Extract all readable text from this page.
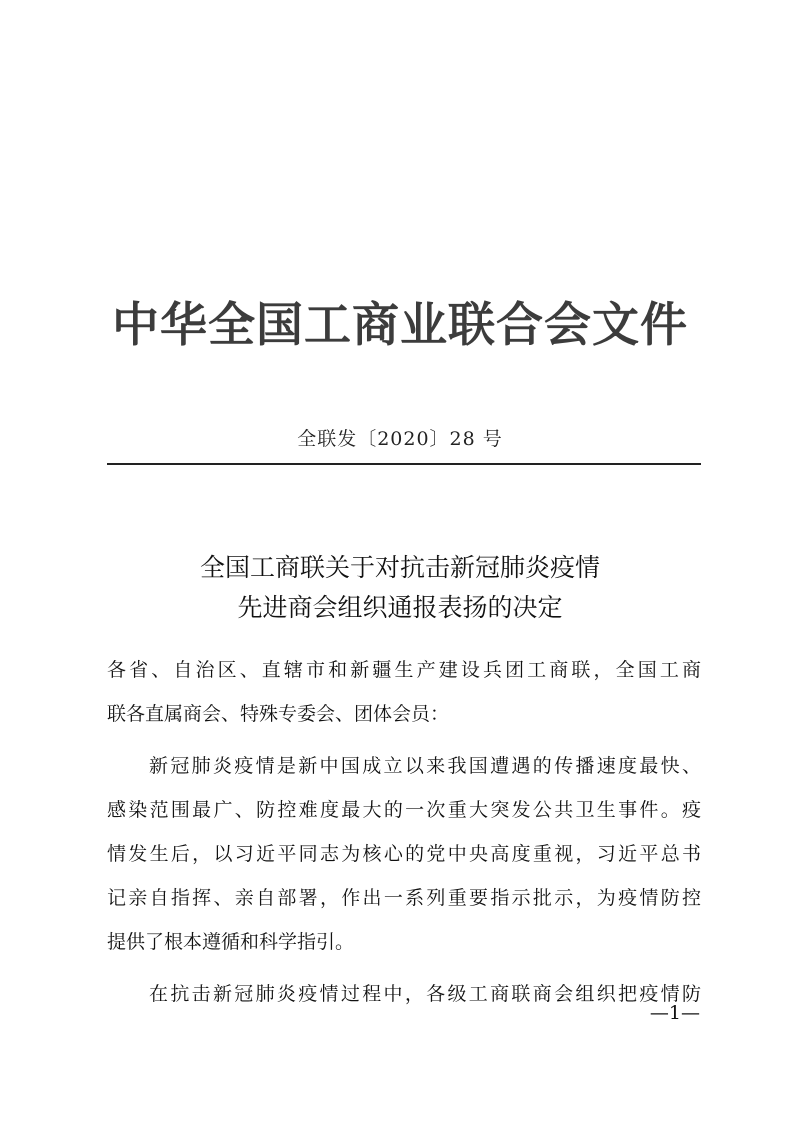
中华全国工商业联合会文件
全联发〔2020〕28 号
全国工商联关于对抗击新冠肺炎疫情
先进商会组织通报表扬的决定
各省、自治区、直辖市和新疆生产建设兵团工商联，全国工商
联各直属商会、特殊专委会、团体会员：
新冠肺炎疫情是新中国成立以来我国遭遇的传播速度最快、
感染范围最广、防控难度最大的一次重大突发公共卫生事件。疫
情发生后，以习近平同志为核心的党中央高度重视，习近平总书
记亲自指挥、亲自部署，作出一系列重要指示批示，为疫情防控
提供了根本遵循和科学指引。
在抗击新冠肺炎疫情过程中，各级工商联商会组织把疫情防
—1—
